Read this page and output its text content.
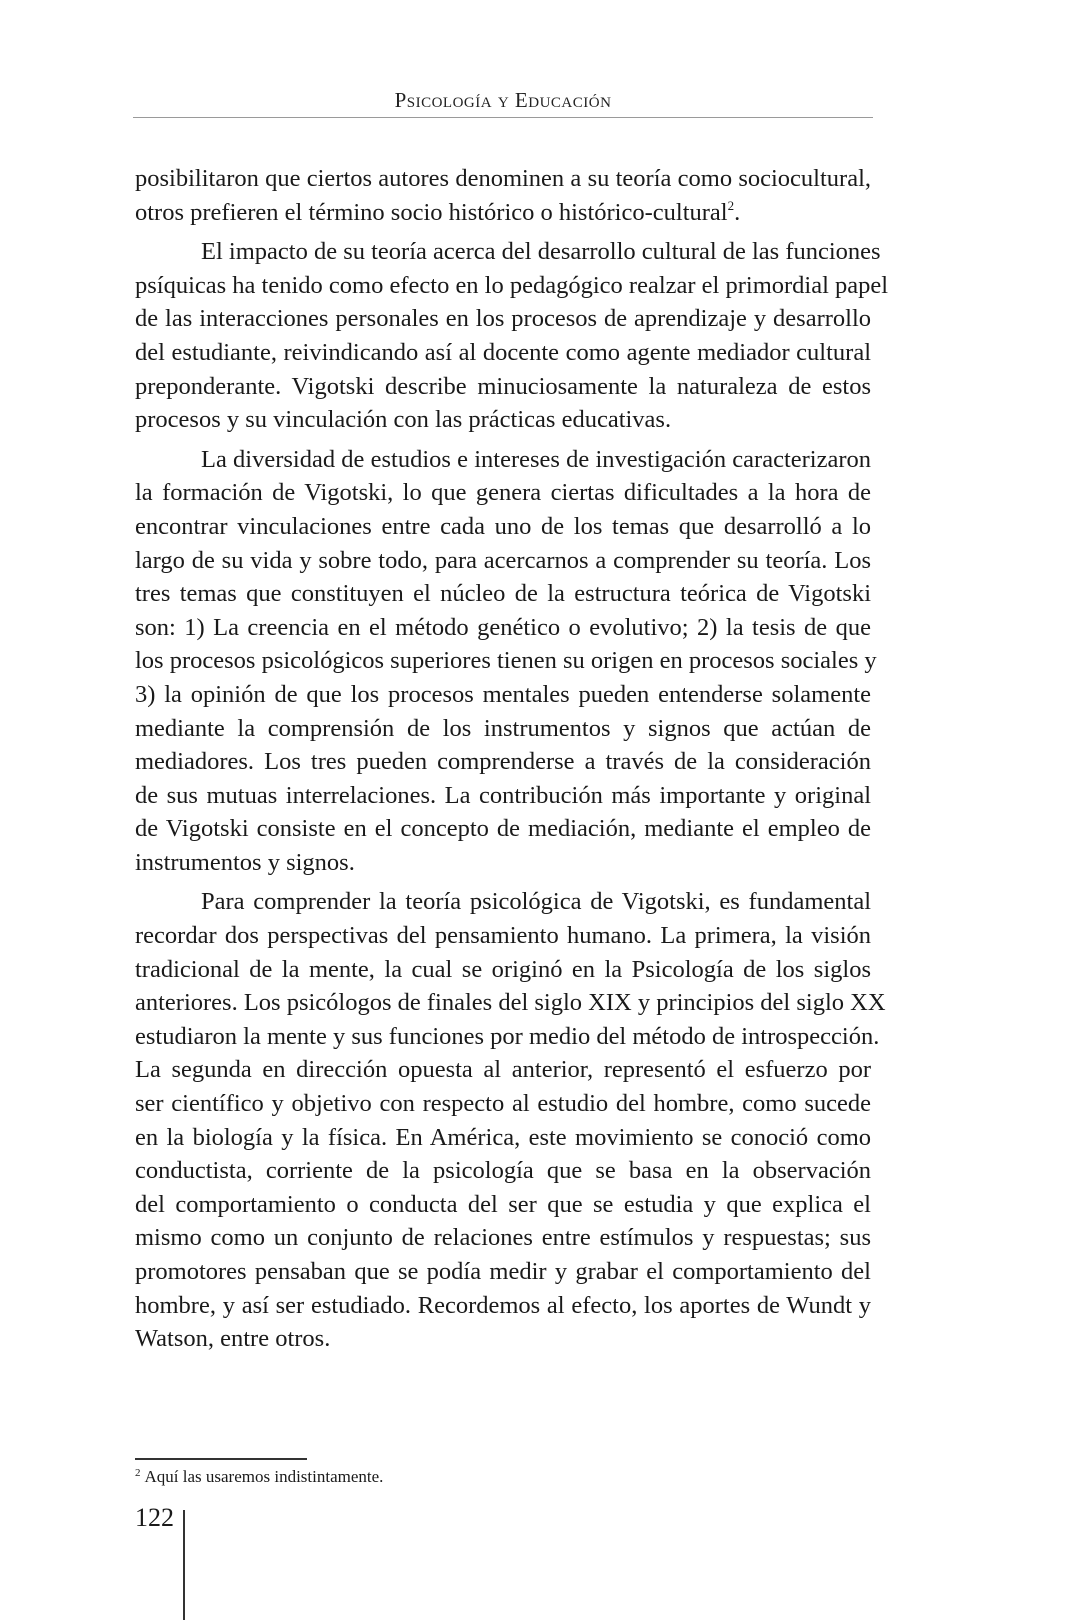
Psicología y Educación
posibilitaron que ciertos autores denominen a su teoría como sociocultural,
otros prefieren el término socio histórico o histórico-cultural$^2$.
El impacto de su teoría acerca del desarrollo cultural de las funciones
psíquicas ha tenido como efecto en lo pedagógico realzar el primordial papel
de las interacciones personales en los procesos de aprendizaje y desarrollo
del estudiante, reivindicando así al docente como agente mediador cultural
preponderante. Vigotski describe minuciosamente la naturaleza de estos
procesos y su vinculación con las prácticas educativas.
La diversidad de estudios e intereses de investigación caracterizaron
la formación de Vigotski, lo que genera ciertas dificultades a la hora de
encontrar vinculaciones entre cada uno de los temas que desarrolló a lo
largo de su vida y sobre todo, para acercarnos a comprender su teoría. Los
tres temas que constituyen el núcleo de la estructura teórica de Vigotski
son: 1) La creencia en el método genético o evolutivo; 2) la tesis de que
los procesos psicológicos superiores tienen su origen en procesos sociales y
3) la opinión de que los procesos mentales pueden entenderse solamente
mediante la comprensión de los instrumentos y signos que actúan de
mediadores. Los tres pueden comprenderse a través de la consideración
de sus mutuas interrelaciones. La contribución más importante y original
de Vigotski consiste en el concepto de mediación, mediante el empleo de
instrumentos y signos.
Para comprender la teoría psicológica de Vigotski, es fundamental
recordar dos perspectivas del pensamiento humano. La primera, la visión
tradicional de la mente, la cual se originó en la Psicología de los siglos
anteriores. Los psicólogos de finales del siglo XIX y principios del siglo XX
estudiaron la mente y sus funciones por medio del método de introspección.
La segunda en dirección opuesta al anterior, representó el esfuerzo por
ser científico y objetivo con respecto al estudio del hombre, como sucede
en la biología y la física. En América, este movimiento se conoció como
conductista, corriente de la psicología que se basa en la observación
del comportamiento o conducta del ser que se estudia y que explica el
mismo como un conjunto de relaciones entre estímulos y respuestas; sus
promotores pensaban que se podía medir y grabar el comportamiento del
hombre, y así ser estudiado. Recordemos al efecto, los aportes de Wundt y
Watson, entre otros.
$^2$ Aquí las usaremos indistintamente.
122
